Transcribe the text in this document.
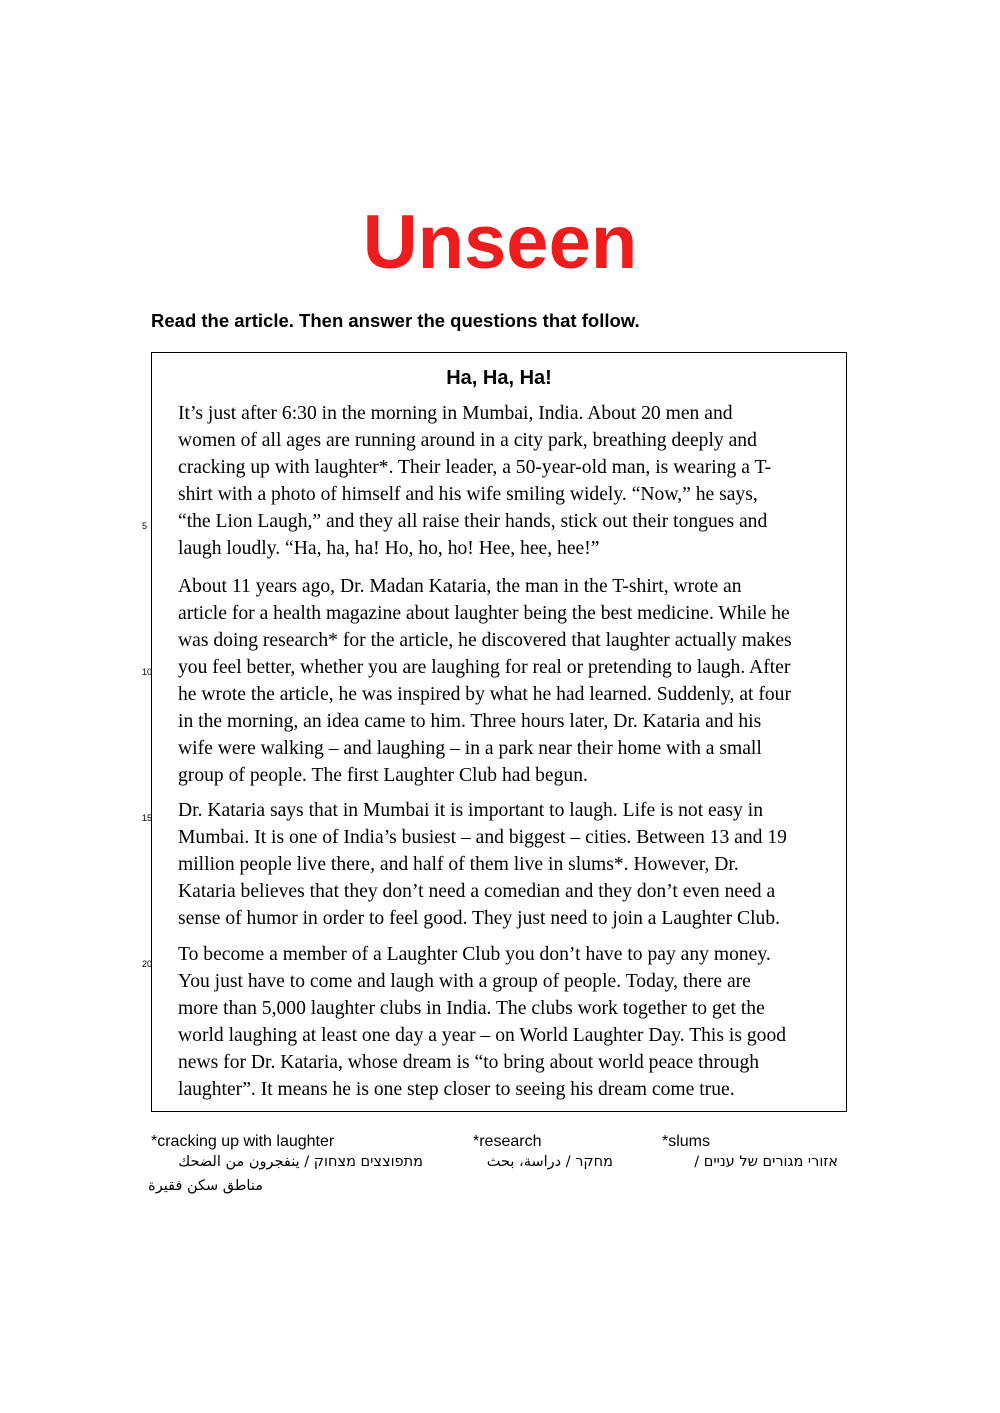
Unseen

Read the article. Then answer the questions that follow.

Ha, Ha, Ha!
It’s just after 6:30 in the morning in Mumbai, India. About 20 men and
women of all ages are running around in a city park, breathing deeply and
cracking up with laughter*. Their leader, a 50-year-old man, is wearing a T-
shirt with a photo of himself and his wife smiling widely. “Now,” he says,
“the Lion Laugh,” and they all raise their hands, stick out their tongues and
laugh loudly. “Ha, ha, ha! Ho, ho, ho! Hee, hee, hee!”
About 11 years ago, Dr. Madan Kataria, the man in the T-shirt, wrote an
article for a health magazine about laughter being the best medicine. While he
was doing research* for the article, he discovered that laughter actually makes
you feel better, whether you are laughing for real or pretending to laugh. After
he wrote the article, he was inspired by what he had learned. Suddenly, at four
in the morning, an idea came to him. Three hours later, Dr. Kataria and his
wife were walking – and laughing – in a park near their home with a small
group of people. The first Laughter Club had begun.
Dr. Kataria says that in Mumbai it is important to laugh. Life is not easy in
Mumbai. It is one of India’s busiest – and biggest – cities. Between 13 and 19
million people live there, and half of them live in slums*. However, Dr.
Kataria believes that they don’t need a comedian and they don’t even need a
sense of humor in order to feel good. They just need to join a Laughter Club.
To become a member of a Laughter Club you don’t have to pay any money.
You just have to come and laugh with a group of people. Today, there are
more than 5,000 laughter clubs in India. The clubs work together to get the
world laughing at least one day a year – on World Laughter Day. This is good
news for Dr. Kataria, whose dream is “to bring about world peace through
laughter”. It means he is one step closer to seeing his dream come true.
5
10
15
20
*cracking up with laughter
מתפוצצים מצחוק / ينفجرون من الضحك
*research
מחקר / دراسة، بحث
*slums
אזורי מגורים של עניים /
مناطق سكن فقيرة
